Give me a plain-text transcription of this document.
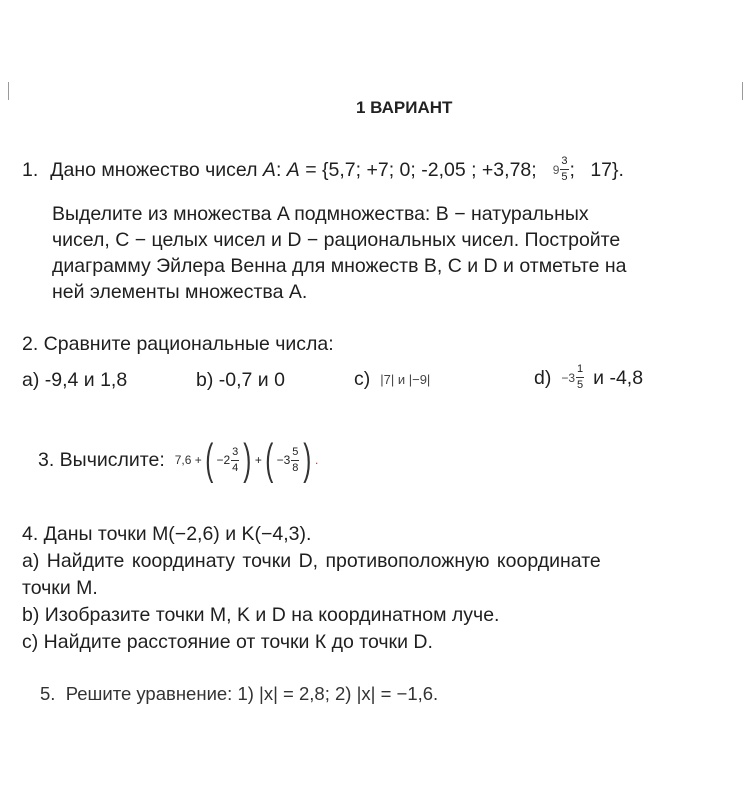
1 ВАРИАНТ
1. Дано множество чисел A : A = {5,7; +7; 0; -2,05 ; +3,78; $9 \frac{3}{5}$ ; 17}.
Выделите из множества A подмножества: B − натуральных
чисел, C − целых чисел и D − рациональных чисел. Постройте
диаграмму Эйлера Венна для множеств B, C и D и отметьте на
ней элементы множества A.
2. Сравните рациональные числа:
a) -9,4 и 1,8	b) -0,7 и 0	c) |7| и |−9|	$d) -3 \frac{1}{5}$ и -4,8
3. Вычислите: 7,6 + ( $-2 \frac{3}{4}$ ) + ( $-3 \frac{5}{8}$ ) .
4. Даны точки M(−2,6) и K(−4,3).
a) Найдите координату точки D, противоположную координате
точки M.
b) Изобразите точки M, K и D на координатном луче.
c) Найдите расстояние от точки К до точки D.
5.  Решите уравнение: 1) |x| = 2,8; 2) |x| = −1,6.
